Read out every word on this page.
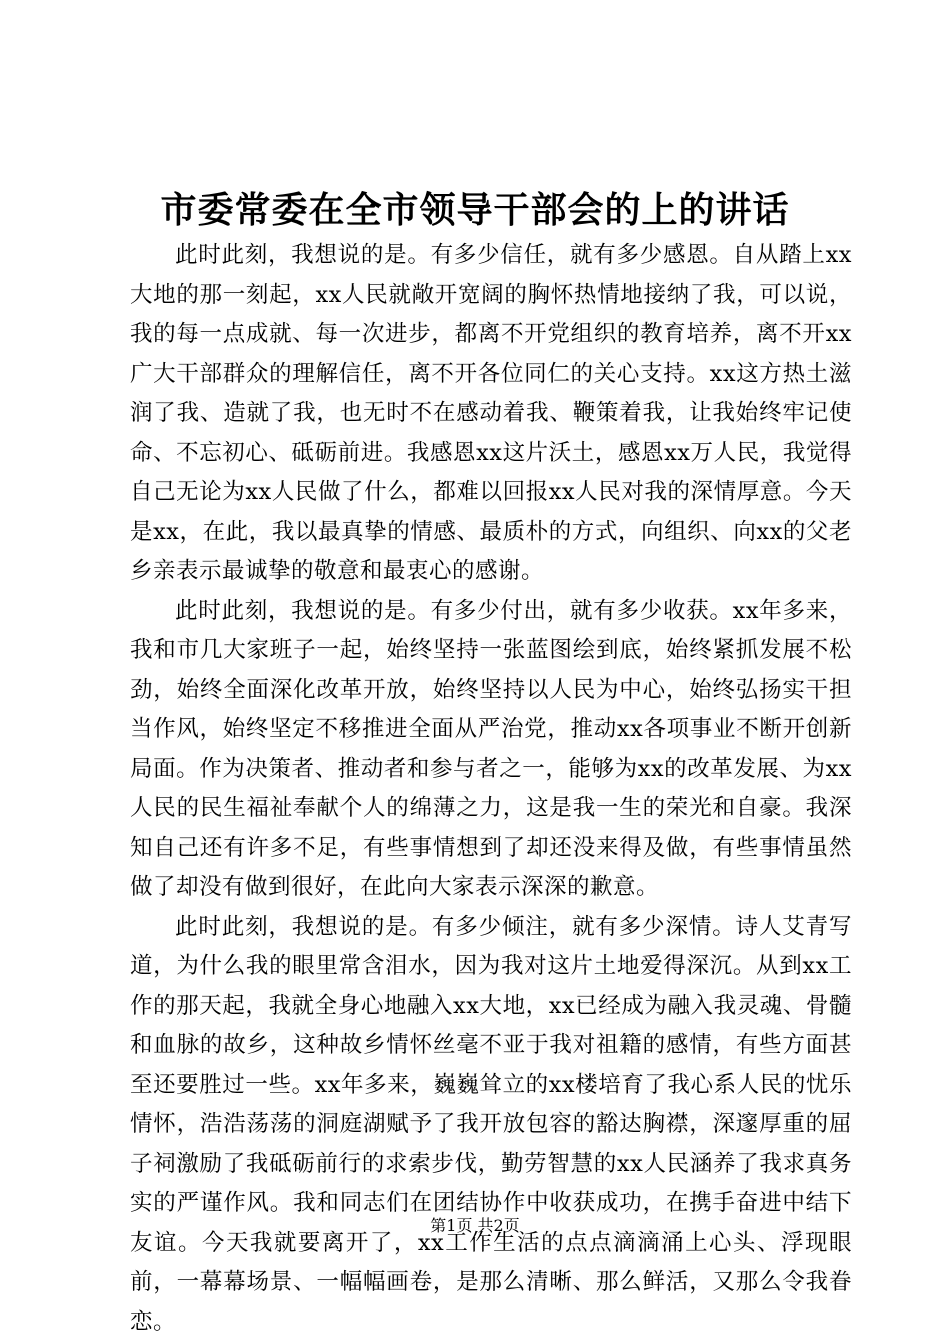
市委常委在全市领导干部会的上的讲话

此时此刻，我想说的是。有多少信任，就有多少感恩。自从踏上xx大地的那一刻起，xx人民就敞开宽阔的胸怀热情地接纳了我，可以说，我的每一点成就、每一次进步，都离不开党组织的教育培养，离不开xx广大干部群众的理解信任，离不开各位同仁的关心支持。xx这方热土滋润了我、造就了我，也无时不在感动着我、鞭策着我，让我始终牢记使命、不忘初心、砥砺前进。我感恩xx这片沃土，感恩xx万人民，我觉得自己无论为xx人民做了什么，都难以回报xx人民对我的深情厚意。今天是xx，在此，我以最真挚的情感、最质朴的方式，向组织、向xx的父老乡亲表示最诚挚的敬意和最衷心的感谢。

此时此刻，我想说的是。有多少付出，就有多少收获。xx年多来，我和市几大家班子一起，始终坚持一张蓝图绘到底，始终紧抓发展不松劲，始终全面深化改革开放，始终坚持以人民为中心，始终弘扬实干担当作风，始终坚定不移推进全面从严治党，推动xx各项事业不断开创新局面。作为决策者、推动者和参与者之一，能够为xx的改革发展、为xx人民的民生福祉奉献个人的绵薄之力，这是我一生的荣光和自豪。我深知自己还有许多不足，有些事情想到了却还没来得及做，有些事情虽然做了却没有做到很好，在此向大家表示深深的歉意。

此时此刻，我想说的是。有多少倾注，就有多少深情。诗人艾青写道，为什么我的眼里常含泪水，因为我对这片土地爱得深沉。从到xx工作的那天起，我就全身心地融入xx大地，xx已经成为融入我灵魂、骨髓和血脉的故乡，这种故乡情怀丝毫不亚于我对祖籍的感情，有些方面甚至还要胜过一些。xx年多来，巍巍耸立的xx楼培育了我心系人民的忧乐情怀，浩浩荡荡的洞庭湖赋予了我开放包容的豁达胸襟，深邃厚重的屈子祠激励了我砥砺前行的求索步伐，勤劳智慧的xx人民涵养了我求真务实的严谨作风。我和同志们在团结协作中收获成功，在携手奋进中结下友谊。今天我就要离开了，xx工作生活的点点滴滴涌上心头、浮现眼前，一幕幕场景、一幅幅画卷，是那么清晰、那么鲜活，又那么令我眷恋。

第1页 共2页
